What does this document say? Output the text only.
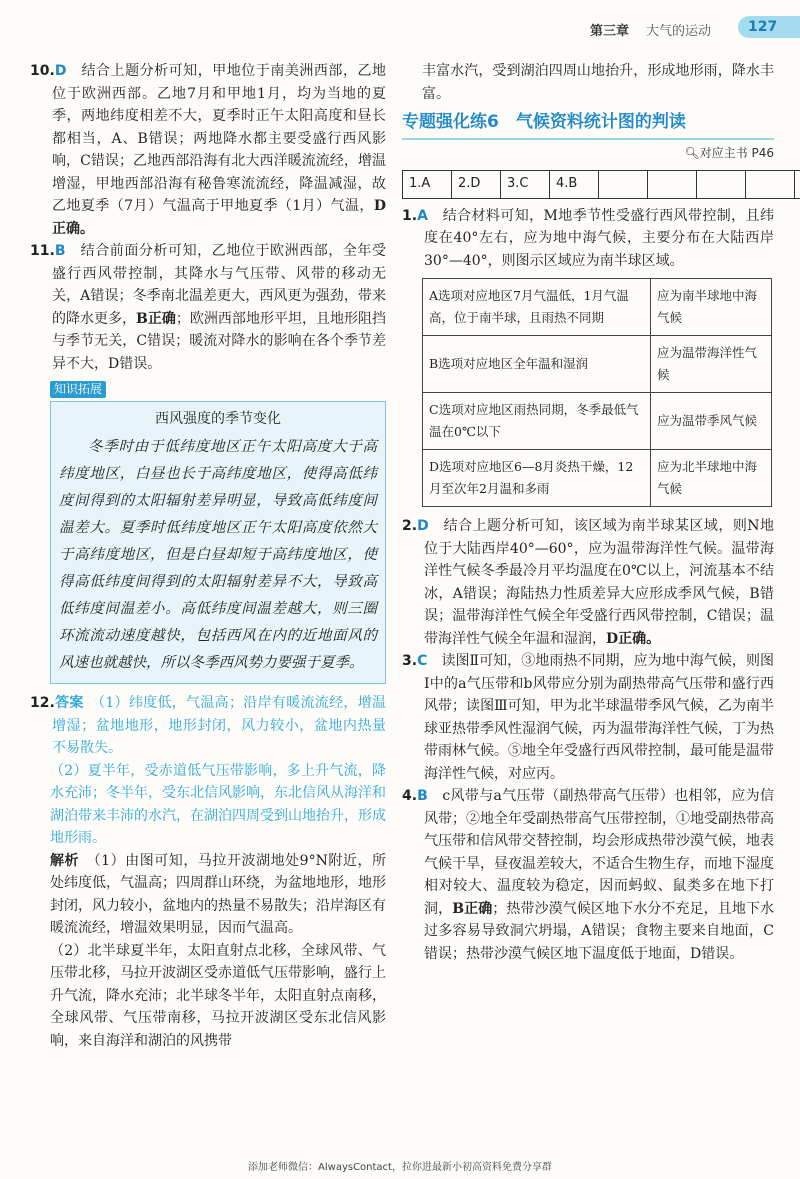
第三章 大气的运动	127

10.D　 结合上题分析可知，甲地位于南美洲西部，乙地位于欧洲西部。乙地7月和甲地1月，均为当地的夏季，两地纬度相差不大，夏季时正午太阳高度和昼长都相当，A、B错误；两地降水都主要受盛行西风影响，C错误；乙地西部沿海有北大西洋暖流流经，增温增湿，甲地西部沿海有秘鲁寒流流经，降温减湿，故乙地夏季（7月）气温高于甲地夏季（1月）气温，D正确。

11.B　 结合前面分析可知，乙地位于欧洲西部，全年受盛行西风带控制，其降水与气压带、风带的移动无关，A错误；冬季南北温差更大，西风更为强劲，带来的降水更多，B正确；欧洲西部地形平坦，且地形阻挡与季节无关，C错误；暖流对降水的影响在各个季节差异不大，D错误。

知识拓展
西风强度的季节变化
冬季时由于低纬度地区正午太阳高度大于高纬度地区，白昼也长于高纬度地区，使得高低纬度间得到的太阳辐射差异明显，导致高低纬度间温差大。夏季时低纬度地区正午太阳高度依然大于高纬度地区，但是白昼却短于高纬度地区，使得高低纬度间得到的太阳辐射差异不大，导致高低纬度间温差小。高低纬度间温差越大，则三圈环流流动速度越快，包括西风在内的近地面风的风速也就越快，所以冬季西风势力要强于夏季。

12.答案　 （1）纬度低，气温高；沿岸有暖流流经，增温增湿；盆地地形，地形封闭，风力较小，盆地内热量不易散失。

（2）夏半年，受赤道低气压带影响，多上升气流，降水充沛；冬半年，受东北信风影响，东北信风从海洋和湖泊带来丰沛的水汽，在湖泊四周受到山地抬升，形成地形雨。

解析　 （1）由图可知，马拉开波湖地处9°N附近，所处纬度低，气温高；四周群山环绕，为盆地地形，地形封闭，风力较小，盆地内的热量不易散失；沿岸海区有暖流流经，增温效果明显，因而气温高。

（2）北半球夏半年，太阳直射点北移，全球风带、气压带北移，马拉开波湖区受赤道低气压带影响，盛行上升气流，降水充沛；北半球冬半年，太阳直射点南移，全球风带、气压带南移，马拉开波湖区受东北信风影响，来自海洋和湖泊的风携带

丰富水汽，受到湖泊四周山地抬升，形成地形雨，降水丰富。

专题强化练6　气候资料统计图的判读
🔍︎对应主书 P46
1.A	2.D	3.C	4.B					

1.A　 结合材料可知，M地季节性受盛行西风带控制，且纬度在40°左右，应为地中海气候，主要分布在大陆西岸30°—40°，则图示区域应为南半球区域。

A选项对应地区7月气温低，1月气温高，位于南半球，且雨热不同期	应为南半球地中海气候
B选项对应地区全年温和湿润	应为温带海洋性气候
C选项对应地区雨热同期，冬季最低气温在0℃以下	应为温带季风气候
D选项对应地区6—8月炎热干燥，12月至次年2月温和多雨	应为北半球地中海气候

2.D　 结合上题分析可知，该区域为南半球某区域，则N地位于大陆西岸40°—60°，应为温带海洋性气候。温带海洋性气候冬季最冷月平均温度在0℃以上，河流基本不结冰，A错误；海陆热力性质差异大应形成季风气候，B错误；温带海洋性气候全年受盛行西风带控制，C错误；温带海洋性气候全年温和湿润，D正确。

3.C　 读图Ⅱ可知，③地雨热不同期，应为地中海气候，则图Ⅰ中的a气压带和b风带应分别为副热带高气压带和盛行西风带；读图Ⅲ可知，甲为北半球温带季风气候，乙为南半球亚热带季风性湿润气候，丙为温带海洋性气候，丁为热带雨林气候。⑤地全年受盛行西风带控制，最可能是温带海洋性气候，对应丙。

4.B　 c风带与a气压带（副热带高气压带）也相邻，应为信风带；②地全年受副热带高气压带控制，①地受副热带高气压带和信风带交替控制，均会形成热带沙漠气候，地表气候干旱，昼夜温差较大，不适合生物生存，而地下湿度相对较大、温度较为稳定，因而蚂蚁、鼠类多在地下打洞，B正确；热带沙漠气候区地下水分不充足，且地下水过多容易导致洞穴坍塌，A错误；食物主要来自地面，C错误；热带沙漠气候区地下温度低于地面，D错误。

添加老师微信：AlwaysContact，拉你进最新小初高资料免费分享群
